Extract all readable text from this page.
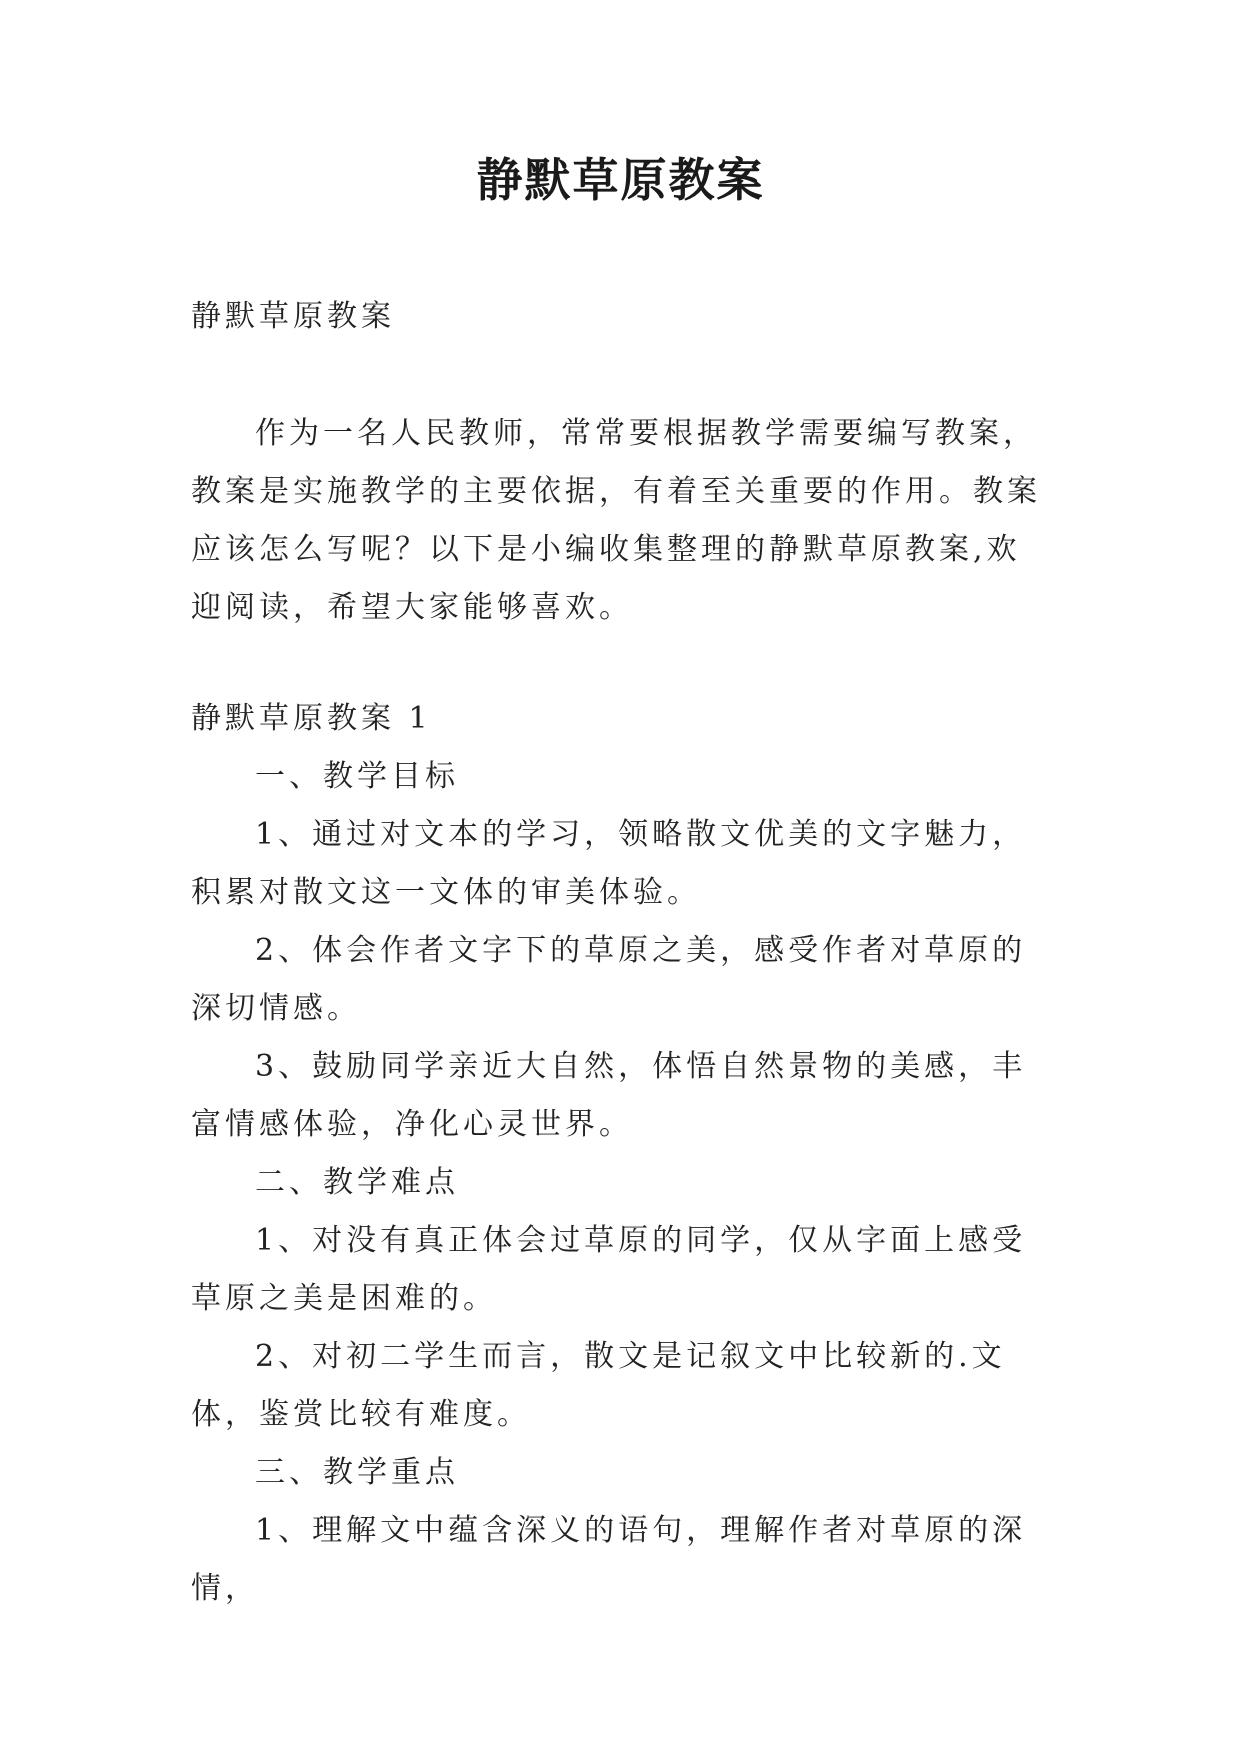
静默草原教案
静默草原教案
作为一名人民教师，常常要根据教学需要编写教案，教案是实施教学的主要依据，有着至关重要的作用。教案应该怎么写呢？以下是小编收集整理的静默草原教案,欢迎阅读，希望大家能够喜欢。

静默草原教案 1

一、教学目标

1、通过对文本的学习，领略散文优美的文字魅力，积累对散文这一文体的审美体验。

2、体会作者文字下的草原之美，感受作者对草原的深切情感。

3、鼓励同学亲近大自然，体悟自然景物的美感，丰富情感体验，净化心灵世界。

二、教学难点

1、对没有真正体会过草原的同学，仅从字面上感受草原之美是困难的。

2、对初二学生而言，散文是记叙文中比较新的.文体，鉴赏比较有难度。

三、教学重点

1、理解文中蕴含深义的语句，理解作者对草原的深情，
